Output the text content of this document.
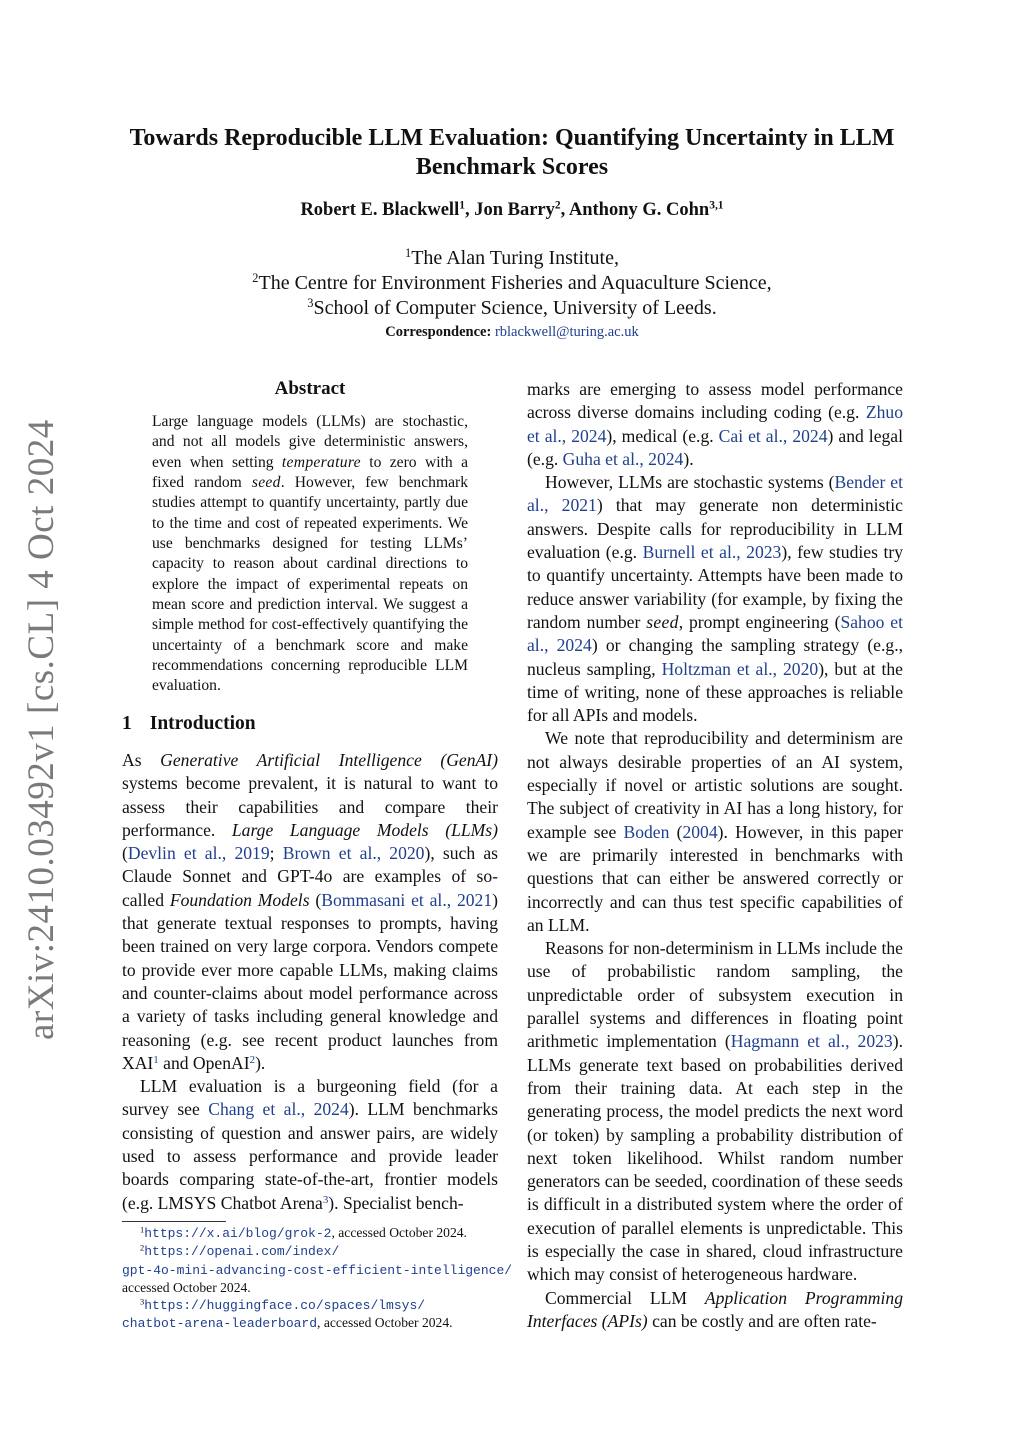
arXiv:2410.03492v1 [cs.CL] 4 Oct 2024
Towards Reproducible LLM Evaluation: Quantifying Uncertainty in LLM
Benchmark Scores
Robert E. Blackwell$^1$, Jon Barry$^2$, Anthony G. Cohn$^{3,1}$
$^1$The Alan Turing Institute,
$^2$The Centre for Environment Fisheries and Aquaculture Science,
$^3$School of Computer Science, University of Leeds.
Correspondence: rblackwell@turing.ac.uk
Abstract
Large language models (LLMs) are stochastic, and not all models give deterministic answers, even when setting temperature to zero with a fixed random seed. However, few benchmark studies attempt to quantify uncertainty, partly due to the time and cost of repeated experiments. We use benchmarks designed for testing LLMs’ capacity to reason about cardinal directions to explore the impact of experimental repeats on mean score and prediction interval. We suggest a simple method for cost-effectively quantifying the uncertainty of a benchmark score and make recommendations concerning reproducible LLM evaluation.
1 Introduction

As Generative Artificial Intelligence (GenAI) systems become prevalent, it is natural to want to assess their capabilities and compare their performance. Large Language Models (LLMs) (Devlin et al., 2019; Brown et al., 2020), such as Claude Sonnet and GPT-4o are examples of so-called Foundation Models (Bommasani et al., 2021) that generate textual responses to prompts, having been trained on very large corpora. Vendors compete to provide ever more capable LLMs, making claims and counter-claims about model performance across a variety of tasks including general knowledge and reasoning (e.g. see recent product launches from XAI$^1$ and OpenAI$^2$).

LLM evaluation is a burgeoning field (for a survey see Chang et al., 2024). LLM benchmarks consisting of question and answer pairs, are widely used to assess performance and provide leader boards comparing state-of-the-art, frontier models (e.g. LMSYS Chatbot Arena$^3$). Specialist bench-

marks are emerging to assess model performance across diverse domains including coding (e.g. Zhuo et al., 2024), medical (e.g. Cai et al., 2024) and legal (e.g. Guha et al., 2024).

However, LLMs are stochastic systems (Bender et al., 2021) that may generate non deterministic answers. Despite calls for reproducibility in LLM evaluation (e.g. Burnell et al., 2023), few studies try to quantify uncertainty. Attempts have been made to reduce answer variability (for example, by fixing the random number seed, prompt engineering (Sahoo et al., 2024) or changing the sampling strategy (e.g., nucleus sampling, Holtzman et al., 2020), but at the time of writing, none of these approaches is reliable for all APIs and models.

We note that reproducibility and determinism are not always desirable properties of an AI system, especially if novel or artistic solutions are sought. The subject of creativity in AI has a long history, for example see Boden (2004). However, in this paper we are primarily interested in benchmarks with questions that can either be answered correctly or incorrectly and can thus test specific capabilities of an LLM.

Reasons for non-determinism in LLMs include the use of probabilistic random sampling, the unpredictable order of subsystem execution in parallel systems and differences in floating point arithmetic implementation (Hagmann et al., 2023). LLMs generate text based on probabilities derived from their training data. At each step in the generating process, the model predicts the next word (or token) by sampling a probability distribution of next token likelihood. Whilst random number generators can be seeded, coordination of these seeds is difficult in a distributed system where the order of execution of parallel elements is unpredictable. This is especially the case in shared, cloud infrastructure which may consist of heterogeneous hardware.

Commercial LLM Application Programming Interfaces (APIs) can be costly and are often rate-

$^1$https://x.ai/blog/grok-2, accessed October 2024.

$^2$https://openai.com/index/

gpt-4o-mini-advancing-cost-efficient-intelligence/

accessed October 2024.

$^3$https://huggingface.co/spaces/lmsys/

chatbot-arena-leaderboard, accessed October 2024.
